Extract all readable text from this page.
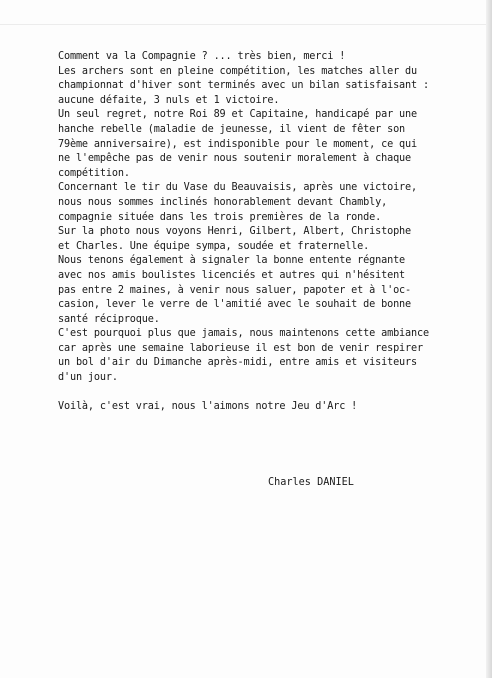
Comment va la Compagnie ? ... très bien, merci !
Les archers sont en pleine compétition, les matches aller du
championnat d'hiver sont terminés avec un bilan satisfaisant :
aucune défaite, 3 nuls et 1 victoire.
Un seul regret, notre Roi 89 et Capitaine, handicapé par une
hanche rebelle (maladie de jeunesse, il vient de fêter son
79ème anniversaire), est indisponible pour le moment, ce qui
ne l'empêche pas de venir nous soutenir moralement à chaque
compétition.
Concernant le tir du Vase du Beauvaisis, après une victoire,
nous nous sommes inclinés honorablement devant Chambly,
compagnie située dans les trois premières de la ronde.
Sur la photo nous voyons Henri, Gilbert, Albert, Christophe
et Charles. Une équipe sympa, soudée et fraternelle.
Nous tenons également à signaler la bonne entente régnante
avec nos amis boulistes licenciés et autres qui n'hésitent
pas entre 2 maines, à venir nous saluer, papoter et à l'oc-
casion, lever le verre de l'amitié avec le souhait de bonne
santé réciproque.
C'est pourquoi plus que jamais, nous maintenons cette ambiance
car après une semaine laborieuse il est bon de venir respirer
un bol d'air du Dimanche après-midi, entre amis et visiteurs
d'un jour.
Voilà, c'est vrai, nous l'aimons notre Jeu d'Arc !
Charles DANIEL
